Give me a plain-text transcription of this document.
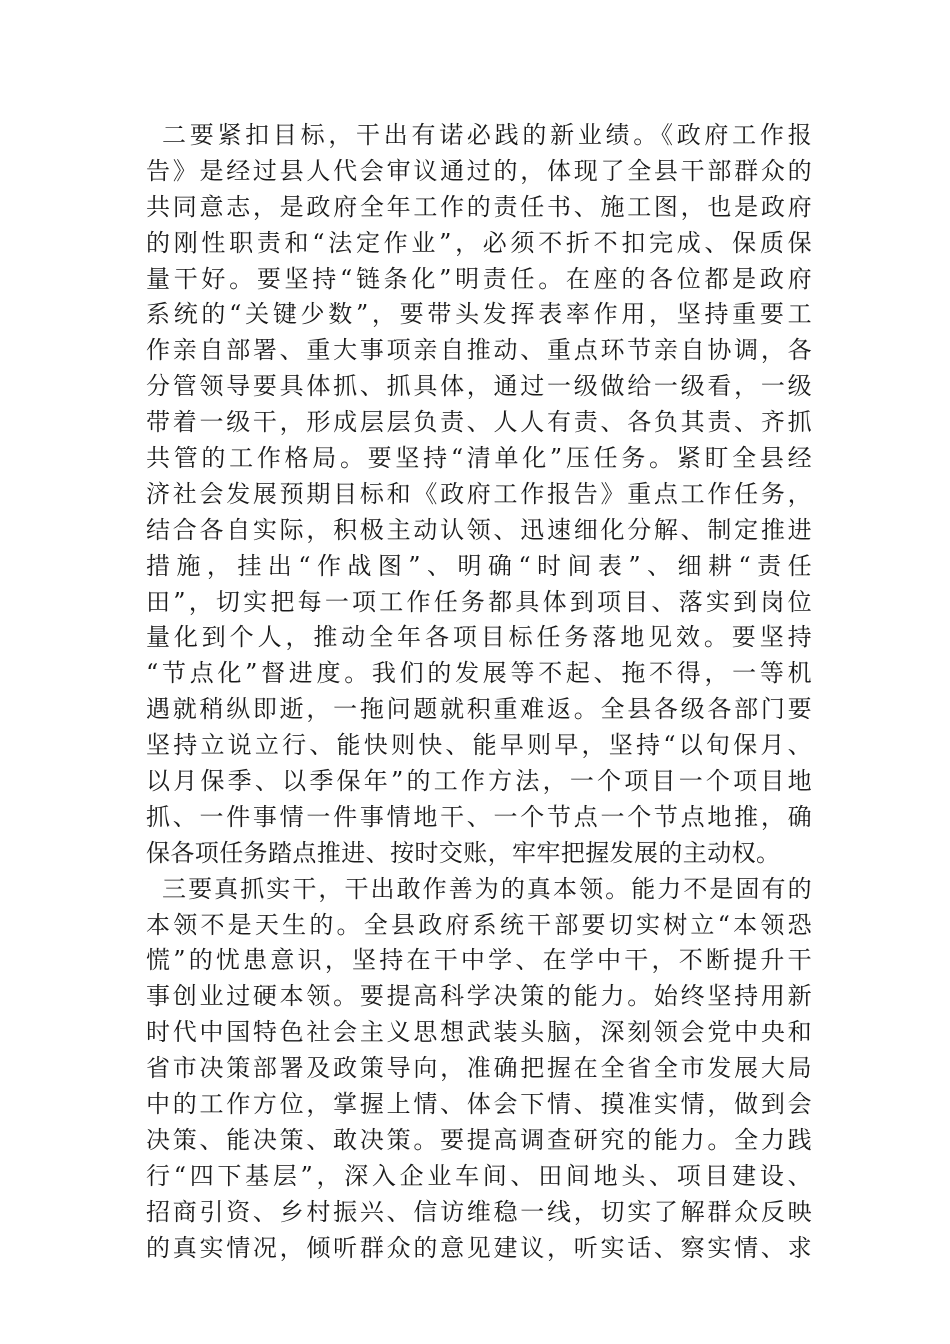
二要紧扣目标，干出有诺必践的新业绩。《政府工作报
告》是经过县人代会审议通过的，体现了全县干部群众的
共同意志，是政府全年工作的责任书、施工图，也是政府
的刚性职责和“法定作业”，必须不折不扣完成、保质保
量干好。要坚持“链条化”明责任。在座的各位都是政府
系统的“关键少数”，要带头发挥表率作用，坚持重要工
作亲自部署、重大事项亲自推动、重点环节亲自协调，各
分管领导要具体抓、抓具体，通过一级做给一级看，一级
带着一级干，形成层层负责、人人有责、各负其责、齐抓
共管的工作格局。要坚持“清单化”压任务。紧盯全县经
济社会发展预期目标和《政府工作报告》重点工作任务，
结合各自实际，积极主动认领、迅速细化分解、制定推进
措施，挂出“作战图”、明确“时间表”、细耕“责任
田”，切实把每一项工作任务都具体到项目、落实到岗位
量化到个人，推动全年各项目标任务落地见效。要坚持
“节点化”督进度。我们的发展等不起、拖不得，一等机
遇就稍纵即逝，一拖问题就积重难返。全县各级各部门要
坚持立说立行、能快则快、能早则早，坚持“以旬保月、
以月保季、以季保年”的工作方法，一个项目一个项目地
抓、一件事情一件事情地干、一个节点一个节点地推，确
保各项任务踏点推进、按时交账，牢牢把握发展的主动权。
三要真抓实干，干出敢作善为的真本领。能力不是固有的
本领不是天生的。全县政府系统干部要切实树立“本领恐
慌”的忧患意识，坚持在干中学、在学中干，不断提升干
事创业过硬本领。要提高科学决策的能力。始终坚持用新
时代中国特色社会主义思想武装头脑，深刻领会党中央和
省市决策部署及政策导向，准确把握在全省全市发展大局
中的工作方位，掌握上情、体会下情、摸准实情，做到会
决策、能决策、敢决策。要提高调查研究的能力。全力践
行“四下基层”，深入企业车间、田间地头、项目建设、
招商引资、乡村振兴、信访维稳一线，切实了解群众反映
的真实情况，倾听群众的意见建议，听实话、察实情、求
